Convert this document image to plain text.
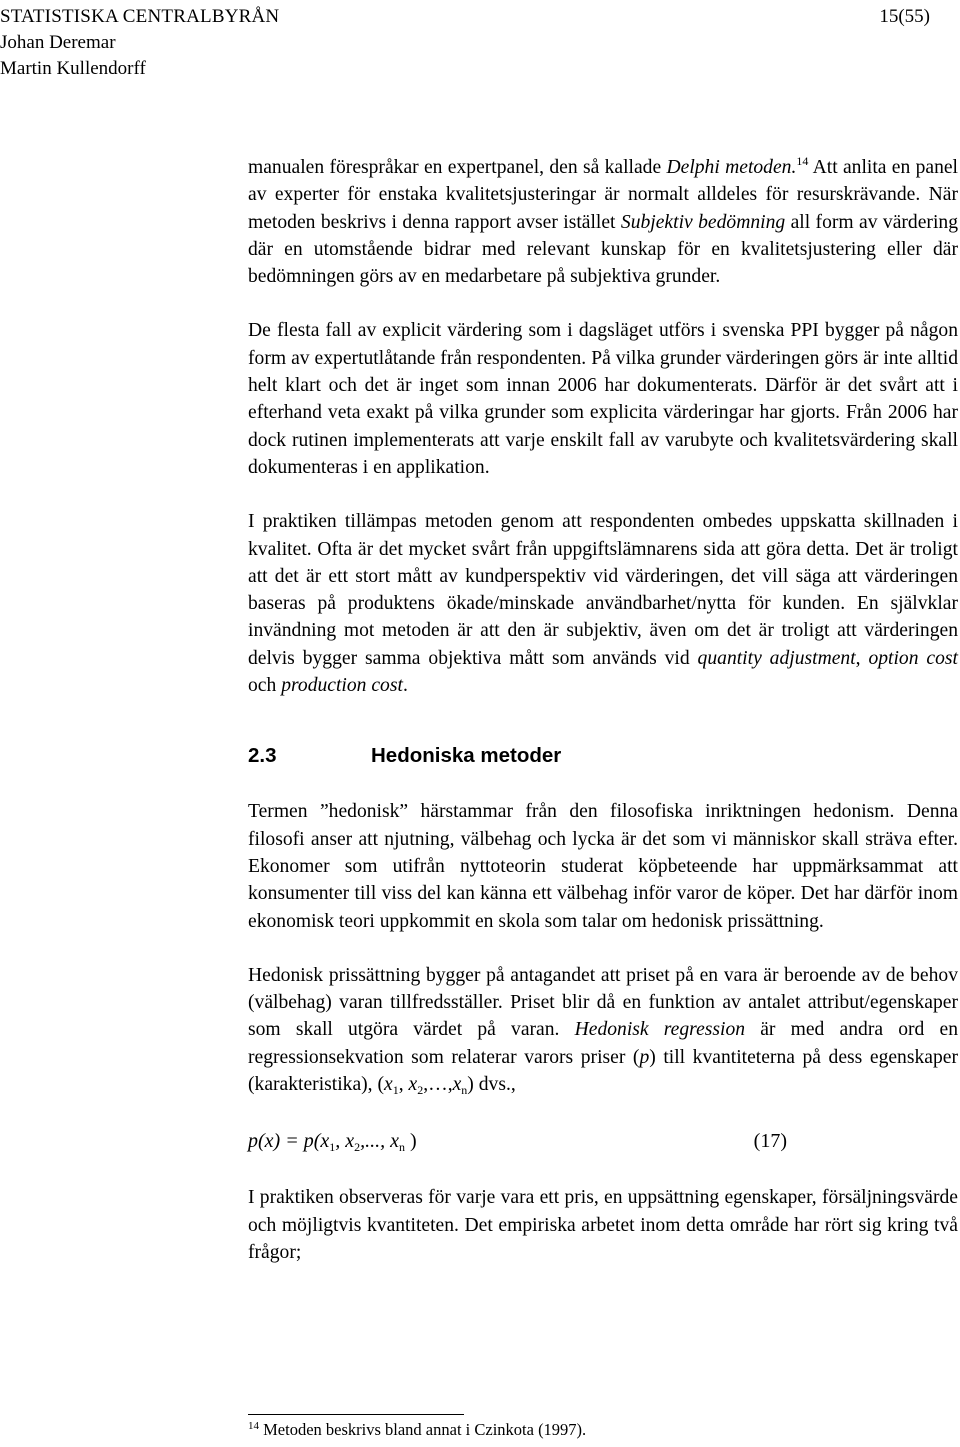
STATISTISKA CENTRALBYRÅN	15(55)
Johan Deremar
Martin Kullendorff

manualen förespråkar en expertpanel, den så kallade Delphi metoden.$^{14}$ Att anlita en panel av experter för enstaka kvalitetsjusteringar är normalt alldeles för resurskrävande. När metoden beskrivs i denna rapport avser istället Subjektiv bedömning all form av värdering där en utomstående bidrar med relevant kunskap för en kvalitetsjustering eller där bedömningen görs av en medarbetare på subjektiva grunder.

De flesta fall av explicit värdering som i dagsläget utförs i svenska PPI bygger på någon form av expertutlåtande från respondenten. På vilka grunder värderingen görs är inte alltid helt klart och det är inget som innan 2006 har dokumenterats. Därför är det svårt att i efterhand veta exakt på vilka grunder som explicita värderingar har gjorts. Från 2006 har dock rutinen implementerats att varje enskilt fall av varubyte och kvalitetsvärdering skall dokumenteras i en applikation.

I praktiken tillämpas metoden genom att respondenten ombedes uppskatta skillnaden i kvalitet. Ofta är det mycket svårt från uppgiftslämnarens sida att göra detta. Det är troligt att det är ett stort mått av kundperspektiv vid värderingen, det vill säga att värderingen baseras på produktens ökade/minskade användbarhet/nytta för kunden. En självklar invändning mot metoden är att den är subjektiv, även om det är troligt att värderingen delvis bygger samma objektiva mått som används vid quantity adjustment, option cost och production cost.

2.3	Hedoniska metoder

Termen ”hedonisk” härstammar från den filosofiska inriktningen hedonism. Denna filosofi anser att njutning, välbehag och lycka är det som vi människor skall sträva efter. Ekonomer som utifrån nyttoteorin studerat köpbeteende har uppmärksammat att konsumenter till viss del kan känna ett välbehag inför varor de köper. Det har därför inom ekonomisk teori uppkommit en skola som talar om hedonisk prissättning.

Hedonisk prissättning bygger på antagandet att priset på en vara är beroende av de behov (välbehag) varan tillfredsställer. Priset blir då en funktion av antalet attribut/egenskaper som skall utgöra värdet på varan. Hedonisk regression är med andra ord en regressionsekvation som relaterar varors priser (p) till kvantiteterna på dess egenskaper (karakteristika), ($x_1$, $x_2,\dots,x_n$) dvs.,

$p(x) = p(x_1$, $x_2$,..., $x_n$ )	(17)

I praktiken observeras för varje vara ett pris, en uppsättning egenskaper, försäljningsvärde och möjligtvis kvantiteten. Det empiriska arbetet inom detta område har rört sig kring två frågor;

$^{14}$ Metoden beskrivs bland annat i Czinkota (1997).
